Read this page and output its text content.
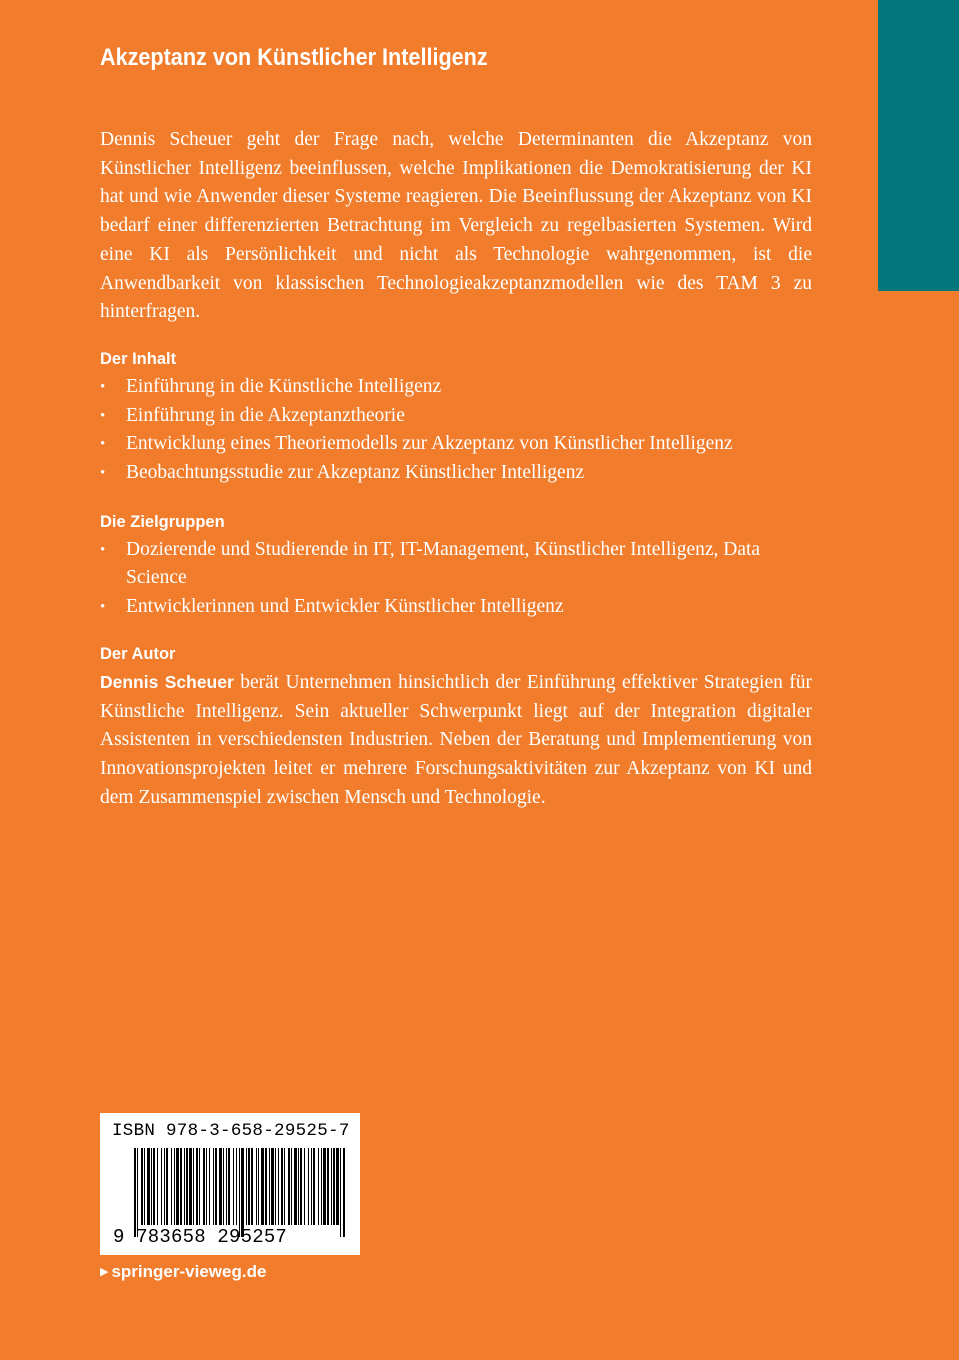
Akzeptanz von Künstlicher Intelligenz

Dennis Scheuer geht der Frage nach, welche Determinanten die Akzeptanz von Künstlicher Intelligenz beeinflussen, welche Implikationen die Demokratisierung der KI hat und wie Anwender dieser Systeme reagieren. Die Beeinflussung der Akzeptanz von KI bedarf einer differenzierten Betrachtung im Vergleich zu regelbasierten Systemen. Wird eine KI als Persönlichkeit und nicht als Technologie wahrgenommen, ist die Anwendbarkeit von klassischen Technologieakzeptanzmodellen wie des TAM 3 zu hinterfragen.

Der Inhalt
• Einführung in die Künstliche Intelligenz
• Einführung in die Akzeptanztheorie
• Entwicklung eines Theoriemodells zur Akzeptanz von Künstlicher Intelligenz
• Beobachtungsstudie zur Akzeptanz Künstlicher Intelligenz
Die Zielgruppen
• Dozierende und Studierende in IT, IT-Management, Künstlicher Intelligenz, Data Science
• Entwicklerinnen und Entwickler Künstlicher Intelligenz
Der Autor

Dennis Scheuer berät Unternehmen hinsichtlich der Einführung effektiver Strategien für Künstliche Intelligenz. Sein aktueller Schwerpunkt liegt auf der Integration digitaler Assistenten in verschiedensten Industrien. Neben der Beratung und Implementierung von Innovationsprojekten leitet er mehrere Forschungsaktivitäten zur Akzeptanz von KI und dem Zusammenspiel zwischen Mensch und Technologie.

ISBN 978-3-658-29525-7
9 783658 295257
▶ springer-vieweg.de
